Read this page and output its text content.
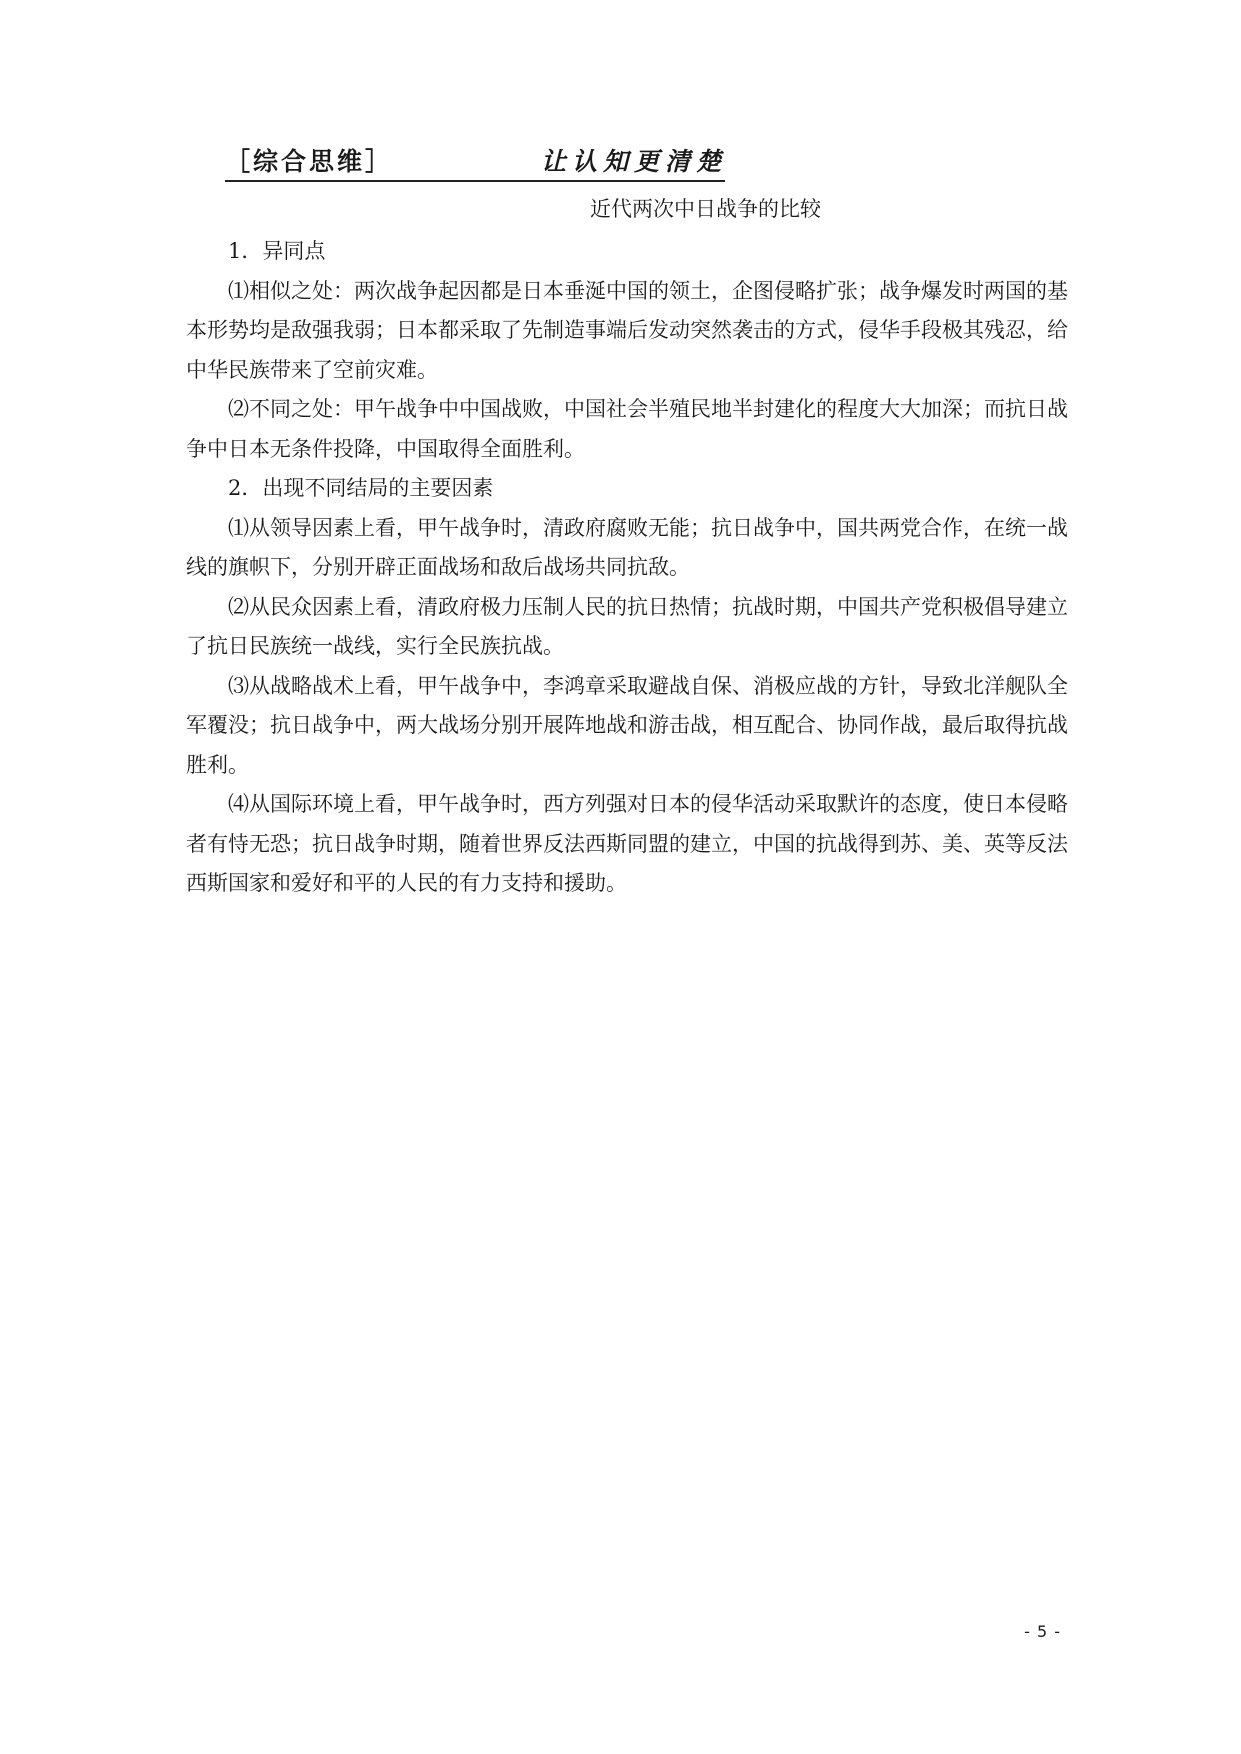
［综合思维］	让认知更清楚
近代两次中日战争的比较

1．异同点

⑴相似之处：两次战争起因都是日本垂涎中国的领土，企图侵略扩张；战争爆发时两国的基本形势均是敌强我弱；日本都采取了先制造事端后发动突然袭击的方式，侵华手段极其残忍，给中华民族带来了空前灾难。

⑵不同之处：甲午战争中中国战败，中国社会半殖民地半封建化的程度大大加深；而抗日战争中日本无条件投降，中国取得全面胜利。

2．出现不同结局的主要因素

⑴从领导因素上看，甲午战争时，清政府腐败无能；抗日战争中，国共两党合作，在统一战线的旗帜下，分别开辟正面战场和敌后战场共同抗敌。

⑵从民众因素上看，清政府极力压制人民的抗日热情；抗战时期，中国共产党积极倡导建立了抗日民族统一战线，实行全民族抗战。

⑶从战略战术上看，甲午战争中，李鸿章采取避战自保、消极应战的方针，导致北洋舰队全军覆没；抗日战争中，两大战场分别开展阵地战和游击战，相互配合、协同作战，最后取得抗战胜利。

⑷从国际环境上看，甲午战争时，西方列强对日本的侵华活动采取默许的态度，使日本侵略者有恃无恐；抗日战争时期，随着世界反法西斯同盟的建立，中国的抗战得到苏、美、英等反法西斯国家和爱好和平的人民的有力支持和援助。

- 5 -
